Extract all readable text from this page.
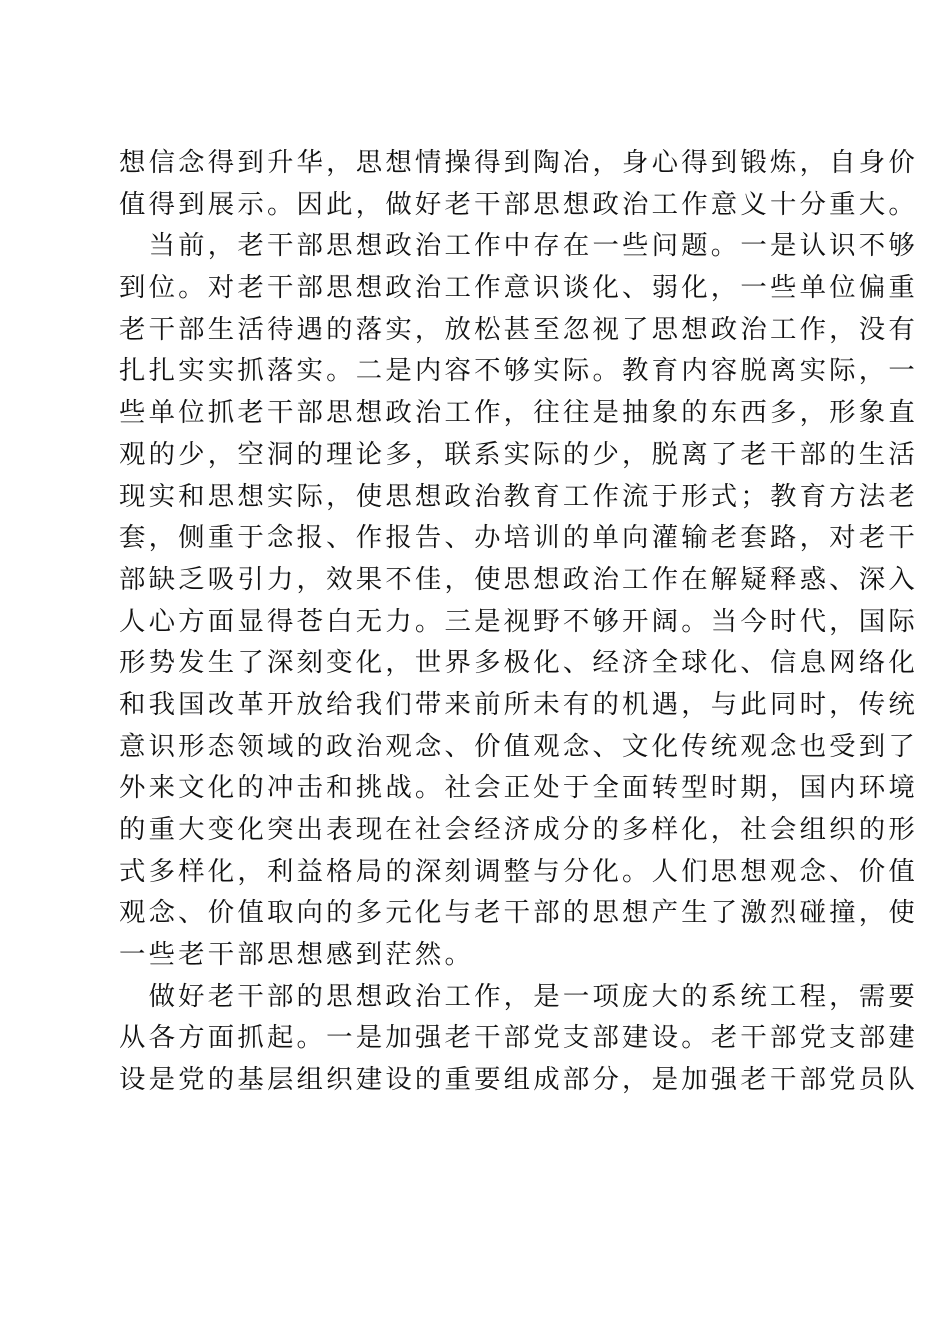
想信念得到升华，思想情操得到陶冶，身心得到锻炼，自身价
值得到展示。因此，做好老干部思想政治工作意义十分重大。
　当前，老干部思想政治工作中存在一些问题。一是认识不够
到位。对老干部思想政治工作意识谈化、弱化，一些单位偏重
老干部生活待遇的落实，放松甚至忽视了思想政治工作，没有
扎扎实实抓落实。二是内容不够实际。教育内容脱离实际，一
些单位抓老干部思想政治工作，往往是抽象的东西多，形象直
观的少，空洞的理论多，联系实际的少，脱离了老干部的生活
现实和思想实际，使思想政治教育工作流于形式；教育方法老
套，侧重于念报、作报告、办培训的单向灌输老套路，对老干
部缺乏吸引力，效果不佳，使思想政治工作在解疑释惑、深入
人心方面显得苍白无力。三是视野不够开阔。当今时代，国际
形势发生了深刻变化，世界多极化、经济全球化、信息网络化
和我国改革开放给我们带来前所未有的机遇，与此同时，传统
意识形态领域的政治观念、价值观念、文化传统观念也受到了
外来文化的冲击和挑战。社会正处于全面转型时期，国内环境
的重大变化突出表现在社会经济成分的多样化，社会组织的形
式多样化，利益格局的深刻调整与分化。人们思想观念、价值
观念、价值取向的多元化与老干部的思想产生了激烈碰撞，使
一些老干部思想感到茫然。
　做好老干部的思想政治工作，是一项庞大的系统工程，需要
从各方面抓起。一是加强老干部党支部建设。老干部党支部建
设是党的基层组织建设的重要组成部分，是加强老干部党员队
